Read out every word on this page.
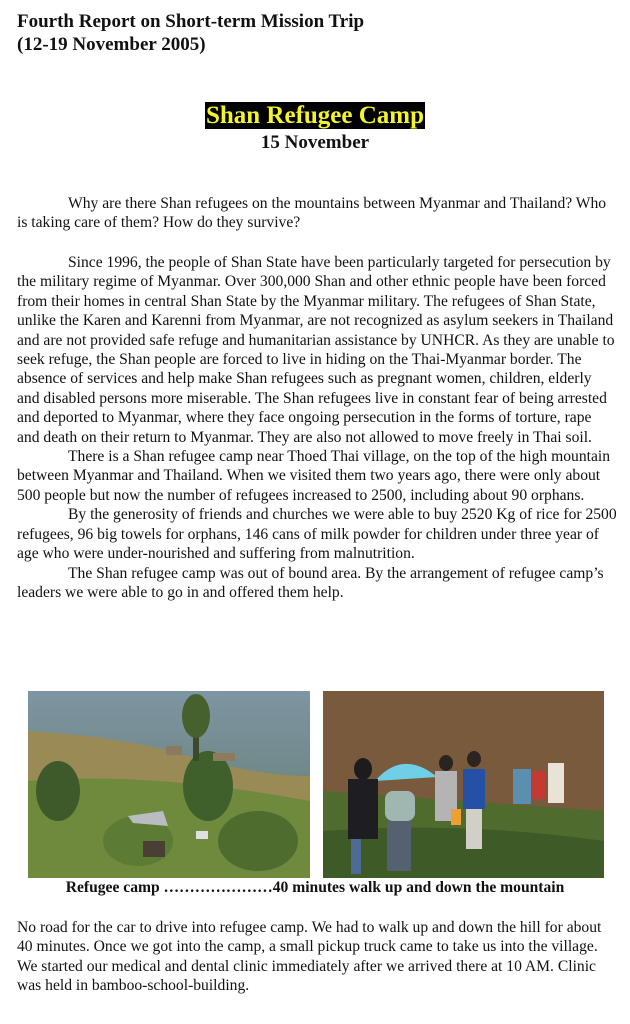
Fourth Report on Short-term Mission Trip
(12-19 November 2005)
Shan Refugee Camp
15 November

Why are there Shan refugees on the mountains between Myanmar and Thailand? Who is taking care of them? How do they survive?

Since 1996, the people of Shan State have been particularly targeted for persecution by the military regime of Myanmar. Over 300,000 Shan and other ethnic people have been forced from their homes in central Shan State by the Myanmar military. The refugees of Shan State, unlike the Karen and Karenni from Myanmar, are not recognized as asylum seekers in Thailand and are not provided safe refuge and humanitarian assistance by UNHCR. As they are unable to seek refuge, the Shan people are forced to live in hiding on the Thai-Myanmar border. The absence of services and help make Shan refugees such as pregnant women, children, elderly and disabled persons more miserable. The Shan refugees live in constant fear of being arrested and deported to Myanmar, where they face ongoing persecution in the forms of torture, rape and death on their return to Myanmar. They are also not allowed to move freely in Thai soil.

There is a Shan refugee camp near Thoed Thai village, on the top of the high mountain between Myanmar and Thailand. When we visited them two years ago, there were only about 500 people but now the number of refugees increased to 2500, including about 90 orphans.

By the generosity of friends and churches we were able to buy 2520 Kg of rice for 2500 refugees, 96 big towels for orphans, 146 cans of milk powder for children under three year of age who were under-nourished and suffering from malnutrition.

The Shan refugee camp was out of bound area. By the arrangement of refugee camp’s leaders we were able to go in and offered them help.

Refugee camp …………………40 minutes walk up and down the mountain

No road for the car to drive into refugee camp. We had to walk up and down the hill for about 40 minutes. Once we got into the camp, a small pickup truck came to take us into the village. We started our medical and dental clinic immediately after we arrived there at 10 AM. Clinic was held in bamboo-school-building.
